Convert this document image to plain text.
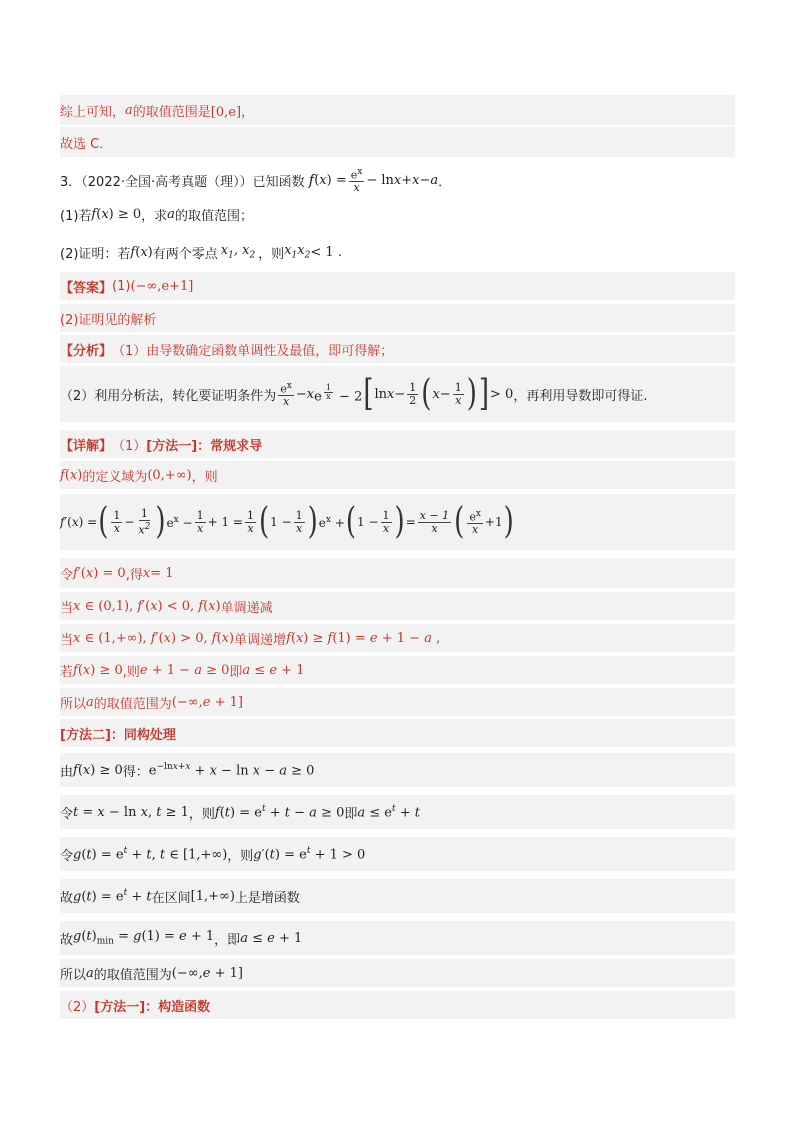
综上可知， a 的取值范围是 [0,e]，
故选 C．
3．（2022·全国·高考真题（理））已知函数 f ( x ) = $\frac{e^x}{x} - \ln x + x - a$ ．
(1)若 f ( x ) ≥ 0 ，求 a 的取值范围；
(2)证明：若 f ( x ) 有两个零点 $x_1$, $x_2$ ，则 $x_1x_2 < 1$ .
【答案】 (1) (−∞,e+1]
(2)证明见的解析
【分析】 （1）由导数确定函数单调性及最值，即可得解；
（2）利用分析法，转化要证明条件为 $\frac{e^x}{x} - x$ e $^{\frac{1}{x}}$ − 2 [ $\ln x - \frac{1}{2}$ ( $x - \frac{1}{x}$ ) ] > 0 ，再利用导数即可得证.
【详解】 （1） [方法一]：常规求导
f ( x ) 的定义域为 (0,+∞) ，则
f′ ( x ) = ( $\frac{1}{x} - \frac{1}{x^2}$ ) $e^x - \frac{1}{x} + 1 = \frac{1}{x}$ ( $1 - \frac{1}{x}$ ) $e^x$ + ( $1 - \frac{1}{x}$ ) = $\frac{x - 1}{x}$ ( $\frac{e^x}{x} +1$ )
令 f′ ( x ) = 0 ,得 x = 1
当 x ∈ (0,1), f′(x) < 0, f(x) 单调递减
当 x ∈ (1,+∞), f′(x) > 0, f(x) 单调递增 f(x) ≥ f(1) = e + 1 − a ,
若 f(x) ≥ 0 ,则 e + 1 − a ≥ 0 即 a ≤ e + 1
所以 a 的取值范围为 (−∞,e + 1]
[方法二]：同构处理
由 f(x) ≥ 0 得： $e^{-lnx+x} + x - \ln x - a \ge 0$
令 t = x − ln x, t ≥ 1 ，则 $f(t) = e^t + t - a \ge 0$ 即 $a \le e^t + t$
令 $g(t) = e^t + t$, t ∈ [1,+∞) ，则 $g'(t) = e^t + 1 > 0$
故 $g(t) = e^t + t$ 在区间 [1,+∞) 上是增函数
故 $g(t)_{min} = g(1) = e + 1$ ，即 a ≤ e + 1
所以 a 的取值范围为 (−∞,e + 1]
（2） [方法一]：构造函数
